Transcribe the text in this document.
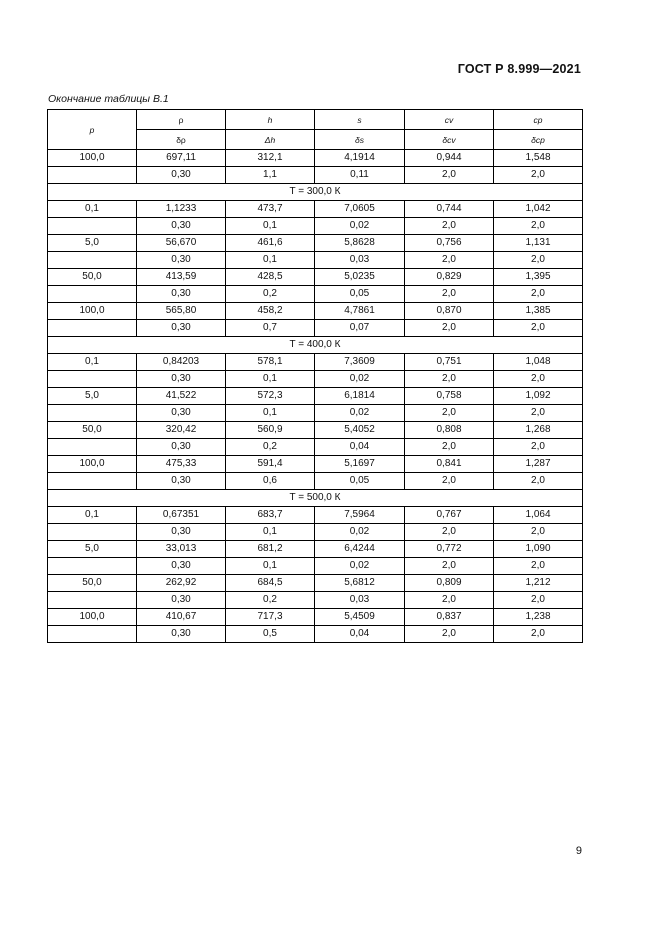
ГОСТ Р 8.999—2021
Окончание таблицы В.1
p	ρ	h	s	cv	cp
	δρ	Δh	δs	δcv	δcp
100,0	697,11	312,1	4,1914	0,944	1,548
	0,30	1,1	0,11	2,0	2,0
T = 300,0 К					
0,1	1,1233	473,7	7,0605	0,744	1,042
	0,30	0,1	0,02	2,0	2,0
5,0	56,670	461,6	5,8628	0,756	1,131
	0,30	0,1	0,03	2,0	2,0
50,0	413,59	428,5	5,0235	0,829	1,395
	0,30	0,2	0,05	2,0	2,0
100,0	565,80	458,2	4,7861	0,870	1,385
	0,30	0,7	0,07	2,0	2,0
T = 400,0 К					
0,1	0,84203	578,1	7,3609	0,751	1,048
	0,30	0,1	0,02	2,0	2,0
5,0	41,522	572,3	6,1814	0,758	1,092
	0,30	0,1	0,02	2,0	2,0
50,0	320,42	560,9	5,4052	0,808	1,268
	0,30	0,2	0,04	2,0	2,0
100,0	475,33	591,4	5,1697	0,841	1,287
	0,30	0,6	0,05	2,0	2,0
T = 500,0 К					
0,1	0,67351	683,7	7,5964	0,767	1,064
	0,30	0,1	0,02	2,0	2,0
5,0	33,013	681,2	6,4244	0,772	1,090
	0,30	0,1	0,02	2,0	2,0
50,0	262,92	684,5	5,6812	0,809	1,212
	0,30	0,2	0,03	2,0	2,0
100,0	410,67	717,3	5,4509	0,837	1,238
	0,30	0,5	0,04	2,0	2,0
9
